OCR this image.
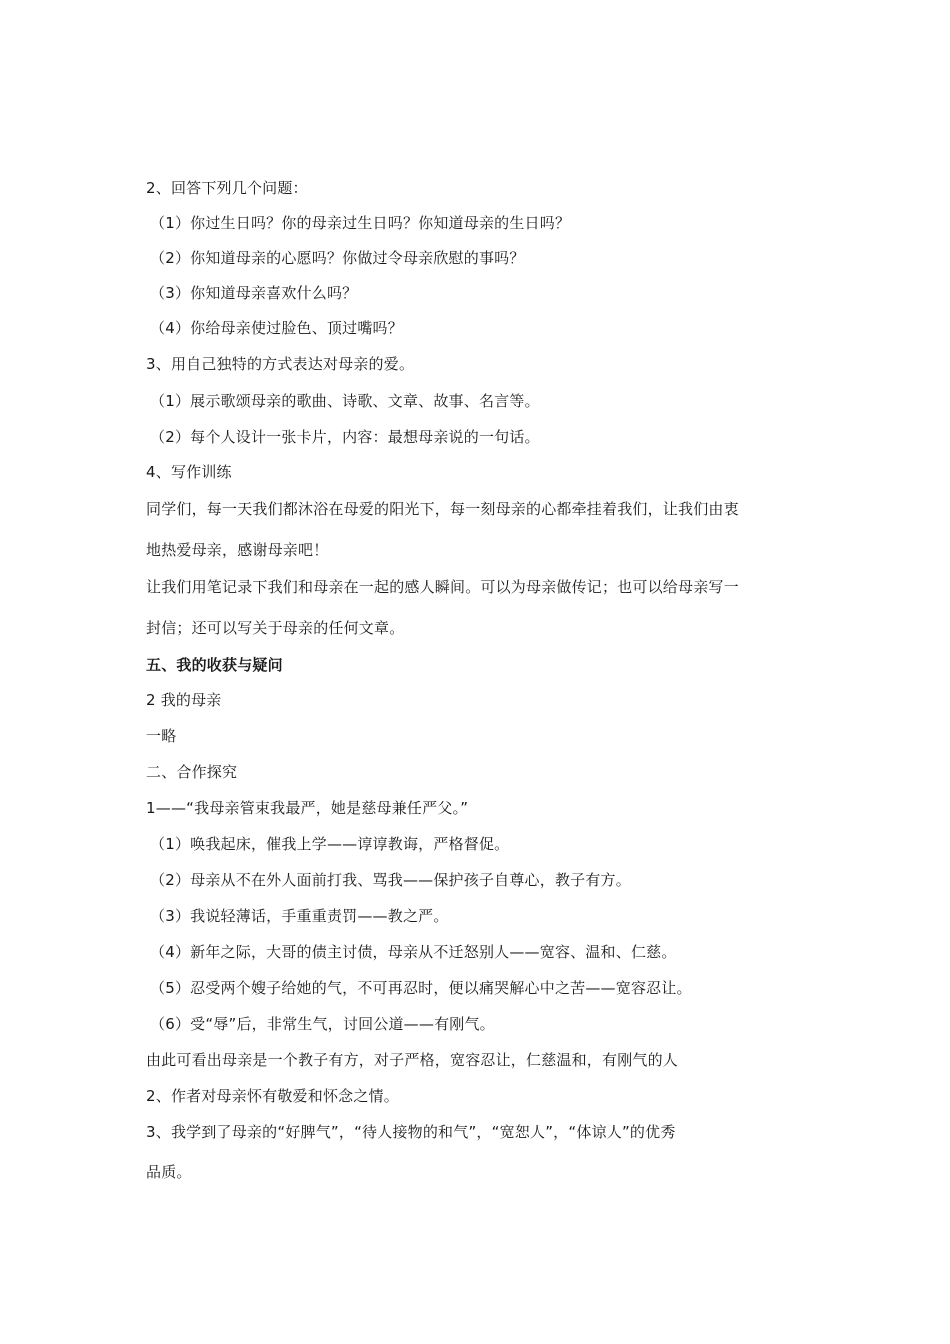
2、回答下列几个问题：
（1）你过生日吗？你的母亲过生日吗？你知道母亲的生日吗？
（2）你知道母亲的心愿吗？你做过令母亲欣慰的事吗？
（3）你知道母亲喜欢什么吗？
（4）你给母亲使过脸色、顶过嘴吗？
3、用自己独特的方式表达对母亲的爱。
（1）展示歌颂母亲的歌曲、诗歌、文章、故事、名言等。
（2）每个人设计一张卡片，内容：最想母亲说的一句话。
4、写作训练
同学们，每一天我们都沐浴在母爱的阳光下，每一刻母亲的心都牵挂着我们，让我们由衷
地热爱母亲，感谢母亲吧！
让我们用笔记录下我们和母亲在一起的感人瞬间。可以为母亲做传记；也可以给母亲写一
封信；还可以写关于母亲的任何文章。
五、我的收获与疑问
2 我的母亲
一略
二、合作探究
1——“我母亲管束我最严，她是慈母兼任严父。”
（1）唤我起床，催我上学——谆谆教诲，严格督促。
（2）母亲从不在外人面前打我、骂我——保护孩子自尊心，教子有方。
（3）我说轻薄话，手重重责罚——教之严。
（4）新年之际，大哥的债主讨债，母亲从不迁怒别人——宽容、温和、仁慈。
（5）忍受两个嫂子给她的气，不可再忍时，便以痛哭解心中之苦——宽容忍让。
（6）受“辱”后，非常生气，讨回公道——有刚气。
由此可看出母亲是一个教子有方，对子严格，宽容忍让，仁慈温和，有刚气的人
2、作者对母亲怀有敬爱和怀念之情。
3、我学到了母亲的“好脾气”，“待人接物的和气”，“宽恕人”，“体谅人”的优秀
品质。
